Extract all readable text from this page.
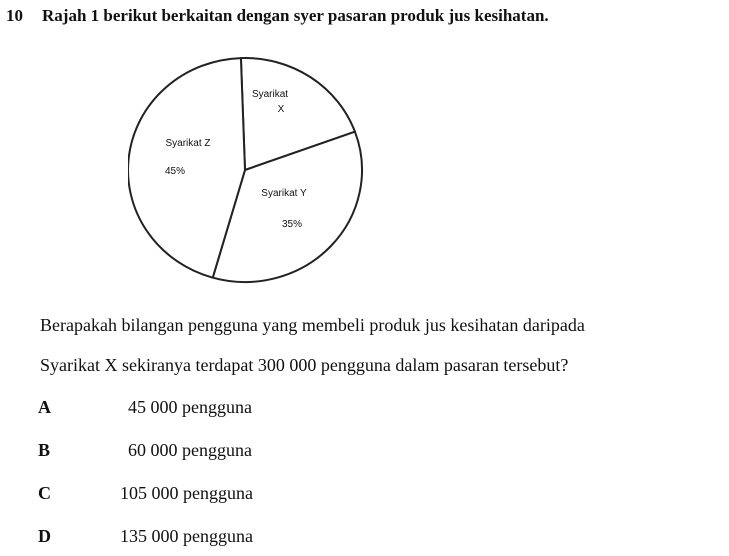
10 Rajah 1 berikut berkaitan dengan syer pasaran produk jus kesihatan.
Syarikat
X
Syarikat Y
35%
Syarikat Z
45%
Berapakah bilangan pengguna yang membeli produk jus kesihatan daripada
Syarikat X sekiranya terdapat 300 000 pengguna dalam pasaran tersebut?
A	45 000 pengguna
B	60 000 pengguna
C	105 000 pengguna
D	135 000 pengguna
